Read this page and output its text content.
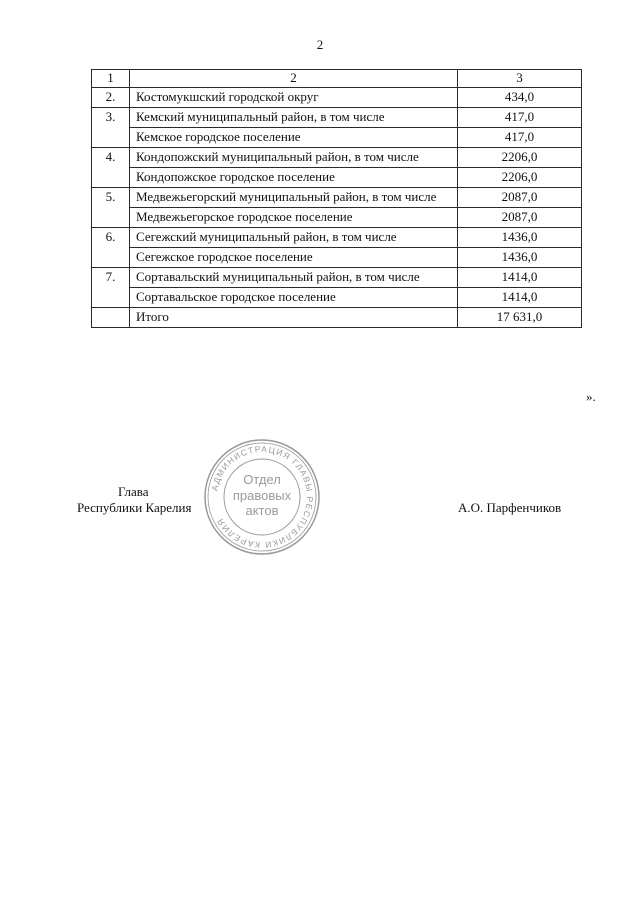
2
1	2	3
2.	Костомукшский городской округ	434,0
3.	Кемский муниципальный район, в том числе	417,0
	Кемское городское поселение	417,0
4.	Кондопожский муниципальный район, в том числе	2206,0
	Кондопожское городское поселение	2206,0
5.	Медвежьегорский муниципальный район, в том числе	2087,0
	Медвежьегорское городское поселение	2087,0
6.	Сегежский муниципальный район, в том числе	1436,0
	Сегежское городское поселение	1436,0
7.	Сортавальский муниципальный район, в том числе	1414,0
	Сортавальское городское поселение	1414,0
	Итого	17 631,0
».
Глава
Республики Карелия	А.О. Парфенчиков
АДМИНИСТРАЦИЯ ГЛАВЫ РЕСПУБЛИКИ КАРЕЛИЯ
Отдел
правовых
актов
